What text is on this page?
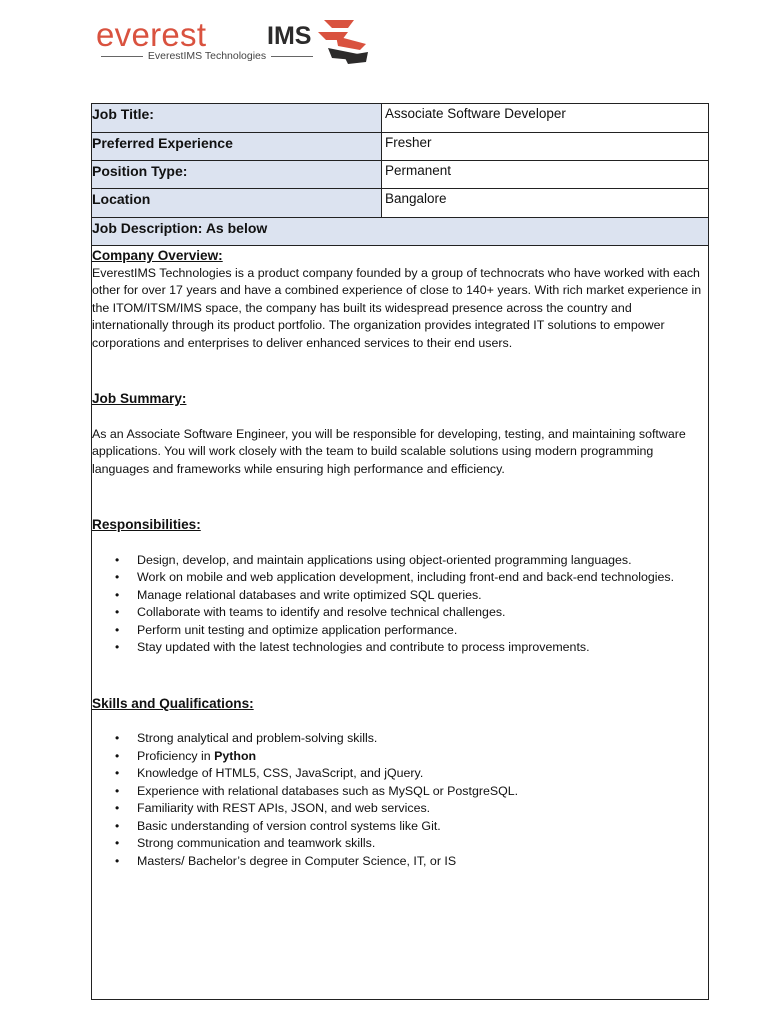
everest IMS
EverestIMS Technologies
Job Title:	Associate Software Developer
Preferred Experience	Fresher
Position Type:	Permanent
Location	Bangalore
Job Description: As below
Company Overview:

EverestIMS Technologies is a product company founded by a group of technocrats who have worked with each other for over 17 years and have a combined experience of close to 140+ years. With rich market experience in the ITOM/ITSM/IMS space, the company has built its widespread presence across the country and internationally through its product portfolio. The organization provides integrated IT solutions to empower corporations and enterprises to deliver enhanced services to their end users.

Job Summary:

As an Associate Software Engineer, you will be responsible for developing, testing, and maintaining software applications. You will work closely with the team to build scalable solutions using modern programming languages and frameworks while ensuring high performance and efficiency.

Responsibilities:
• Design, develop, and maintain applications using object-oriented programming languages.
• Work on mobile and web application development, including front-end and back-end technologies.
• Manage relational databases and write optimized SQL queries.
• Collaborate with teams to identify and resolve technical challenges.
• Perform unit testing and optimize application performance.
• Stay updated with the latest technologies and contribute to process improvements.
Skills and Qualifications:
• Strong analytical and problem-solving skills.
• Proficiency in Python
• Knowledge of HTML5, CSS, JavaScript, and jQuery.
• Experience with relational databases such as MySQL or PostgreSQL.
• Familiarity with REST APIs, JSON, and web services.
• Basic understanding of version control systems like Git.
• Strong communication and teamwork skills.
• Masters/ Bachelor’s degree in Computer Science, IT, or IS
